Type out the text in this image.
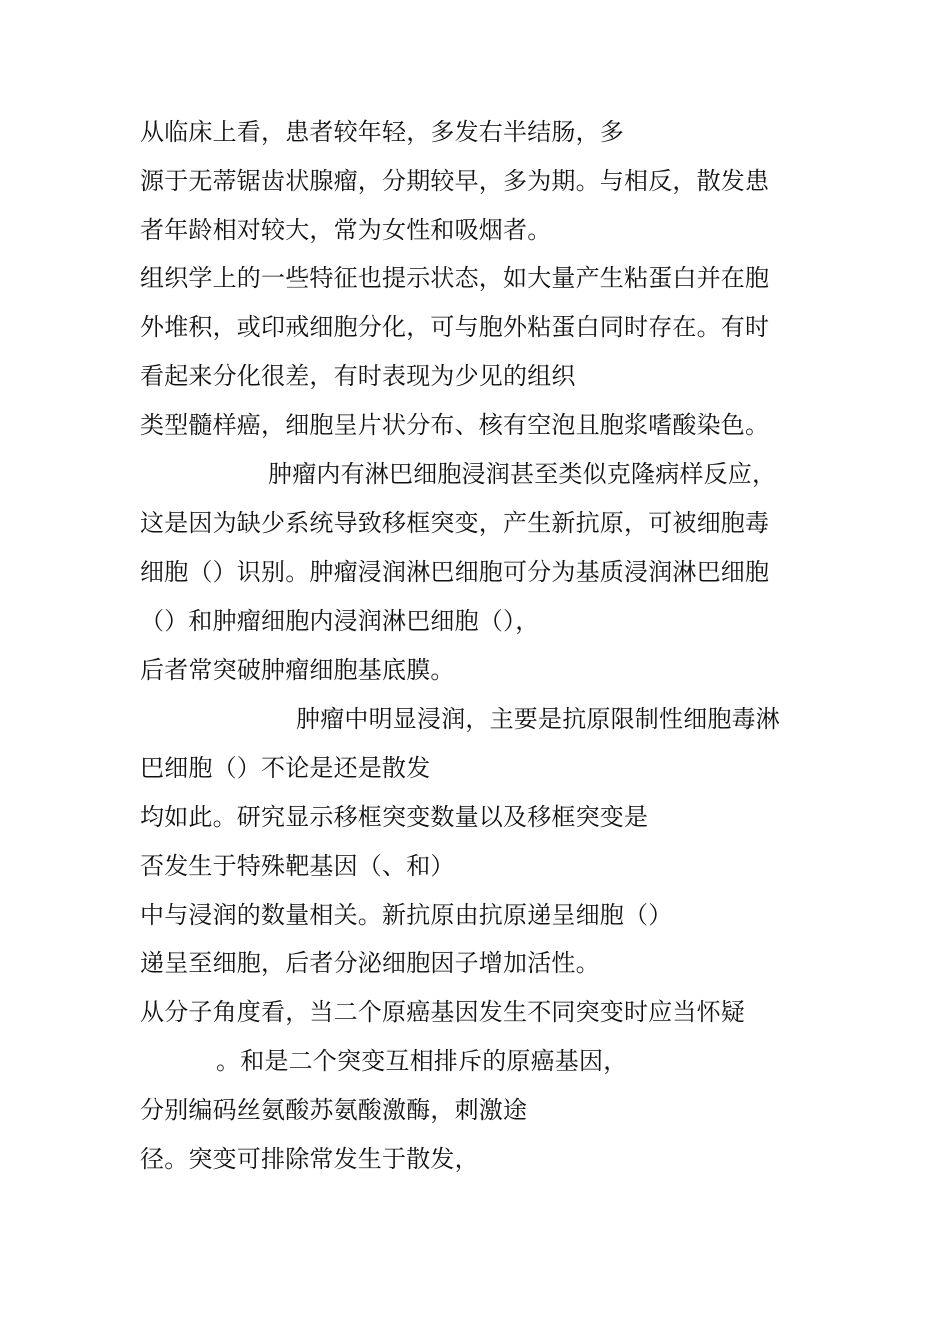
从临床上看，患者较年轻，多发右半结肠，多
源于无蒂锯齿状腺瘤，分期较早，多为期。与相反，散发患
者年龄相对较大，常为女性和吸烟者。
组织学上的一些特征也提示状态，如大量产生粘蛋白并在胞
外堆积，或印戒细胞分化，可与胞外粘蛋白同时存在。有时
看起来分化很差，有时表现为少见的组织
类型髓样癌，细胞呈片状分布、核有空泡且胞浆嗜酸染色。
肿瘤内有淋巴细胞浸润甚至类似克隆病样反应，
这是因为缺少系统导致移框突变，产生新抗原，可被细胞毒
细胞（）识别。肿瘤浸润淋巴细胞可分为基质浸润淋巴细胞
（）和肿瘤细胞内浸润淋巴细胞（），
后者常突破肿瘤细胞基底膜。
肿瘤中明显浸润，主要是抗原限制性细胞毒淋
巴细胞（）不论是还是散发
均如此。研究显示移框突变数量以及移框突变是
否发生于特殊靶基因（、和）
中与浸润的数量相关。新抗原由抗原递呈细胞（）
递呈至细胞，后者分泌细胞因子增加活性。
从分子角度看，当二个原癌基因发生不同突变时应当怀疑
。和是二个突变互相排斥的原癌基因，
分别编码丝氨酸苏氨酸激酶，刺激途
径。突变可排除常发生于散发，
